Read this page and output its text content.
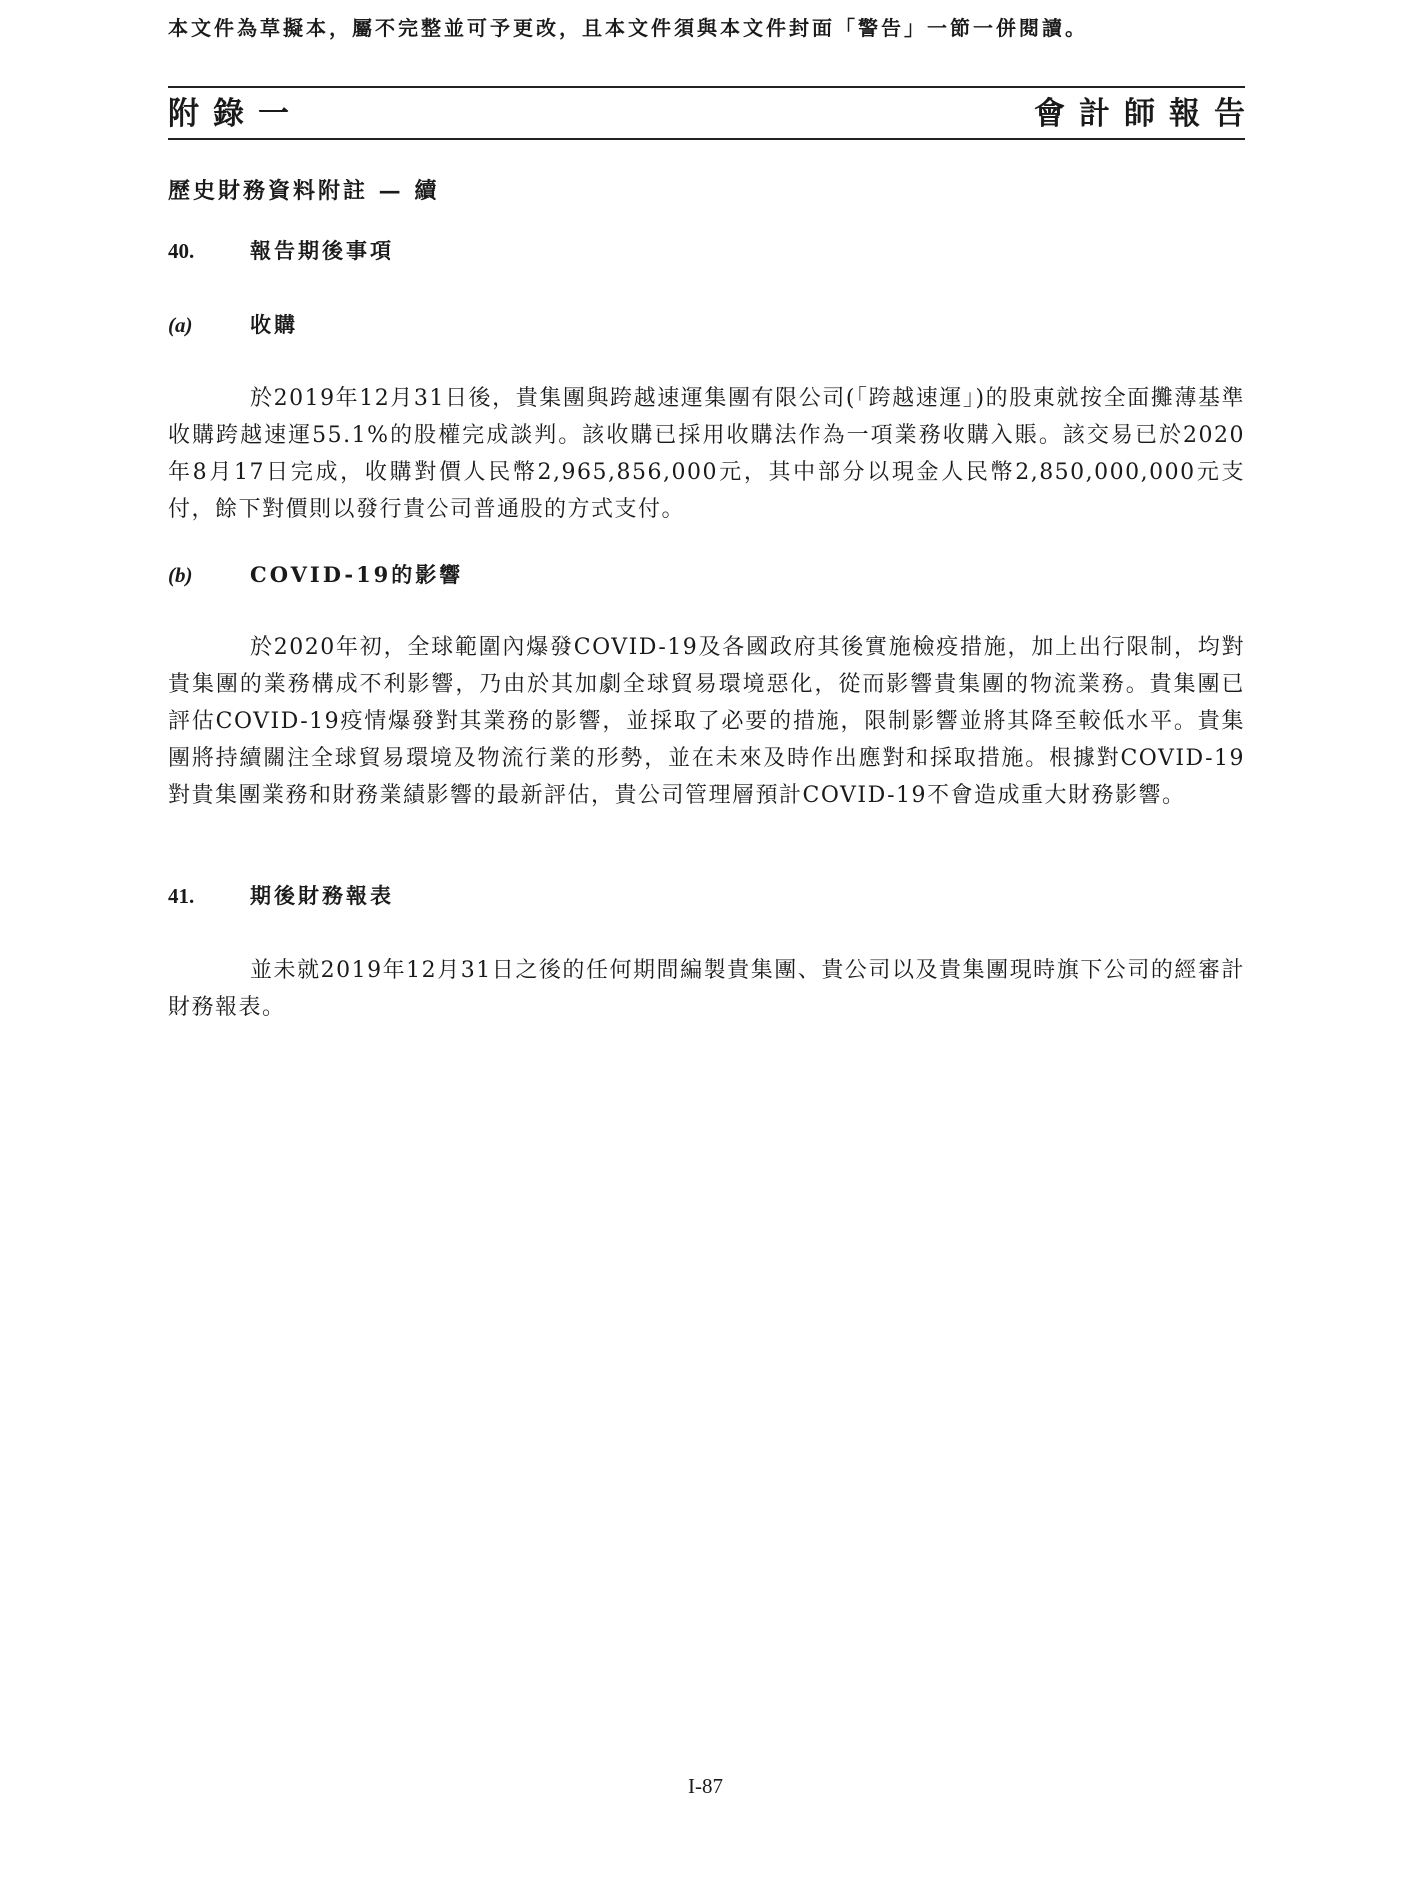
本文件為草擬本，屬不完整並可予更改，且本文件須與本文件封面「警告」一節一併閱讀。
附錄一	會計師報告
歷史財務資料附註 — 續
40.	報告期後事項
(a)	收購
於2019年12月31日後，貴集團與跨越速運集團有限公司(「跨越速運」)的股東就按全面攤薄基準收購跨越速運55.1%的股權完成談判。該收購已採用收購法作為一項業務收購入賬。該交易已於2020年8月17日完成，收購對價人民幣2,965,856,000元，其中部分以現金人民幣2,850,000,000元支付，餘下對價則以發行貴公司普通股的方式支付。
(b)	COVID-19的影響
於2020年初，全球範圍內爆發COVID-19及各國政府其後實施檢疫措施，加上出行限制，均對貴集團的業務構成不利影響，乃由於其加劇全球貿易環境惡化，從而影響貴集團的物流業務。貴集團已評估COVID-19疫情爆發對其業務的影響，並採取了必要的措施，限制影響並將其降至較低水平。貴集團將持續關注全球貿易環境及物流行業的形勢，並在未來及時作出應對和採取措施。根據對COVID-19對貴集團業務和財務業績影響的最新評估，貴公司管理層預計COVID-19不會造成重大財務影響。
41.	期後財務報表
並未就2019年12月31日之後的任何期間編製貴集團、貴公司以及貴集團現時旗下公司的經審計財務報表。
I-87
